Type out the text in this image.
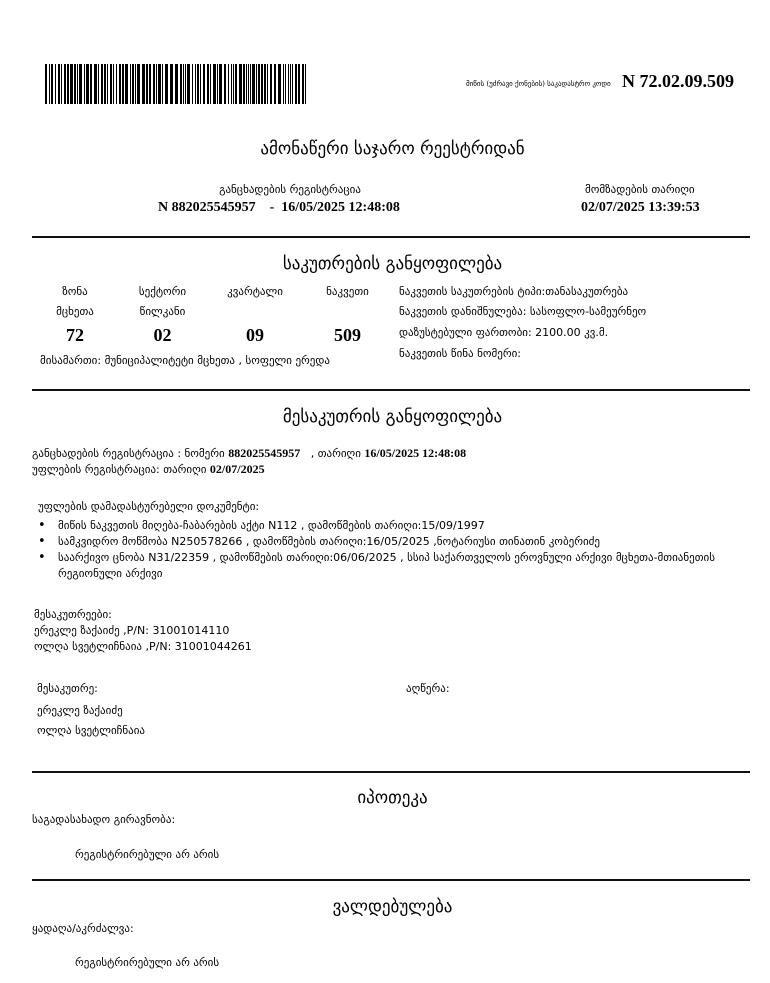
მიწის (უძრავი ქონების) საკადასტრო კოდი N 72.02.09.509
ამონაწერი საჯარო რეესტრიდან
განცხადების რეგისტრაცია
N 882025545957    -  16/05/2025 12:48:08
მომზადების თარიღი
02/07/2025 13:39:53
საკუთრების განყოფილება
ზონა
მცხეთა
72
სექტორი
წილკანი
02
კვარტალი
09
ნაკვეთი
509
მისამართი: მუნიციპალიტეტი მცხეთა , სოფელი ერედა
ნაკვეთის საკუთრების ტიპი:თანასაკუთრება
ნაკვეთის დანიშნულება: სასოფლო-სამეურნეო
დაზუსტებული ფართობი: 2100.00 კვ.მ.
ნაკვეთის წინა ნომერი:
მესაკუთრის განყოფილება
განცხადების რეგისტრაცია : ნომერი 882025545957 , თარიღი 16/05/2025 12:48:08
უფლების რეგისტრაცია: თარიღი 02/07/2025
უფლების დამადასტურებელი დოკუმენტი:
• მიწის ნაკვეთის მიღება-ჩაბარების აქტი N112 , დამოწმების თარიღი:15/09/1997
• სამკვიდრო მოწმობა N250578266 , დამოწმების თარიღი:16/05/2025 ,ნოტარიუსი თინათინ კობერიძე
• საარქივო ცნობა N31/22359 , დამოწმების თარიღი:06/06/2025 , სსიპ საქართველოს ეროვნული არქივი მცხეთა-მთიანეთის რეგიონული არქივი
მესაკუთრეები:
ერეკლე ზაქაიძე ,P/N: 31001014110
ოლღა სვეტლიჩნაია ,P/N: 31001044261
მესაკუთრე:	აღწერა:
ერეკლე ზაქაიძე
ოლღა სვეტლიჩნაია
იპოთეკა
საგადასახადო გირავნობა:
რეგისტრირებული არ არის
ვალდებულება
ყადაღა/აკრძალვა:
რეგისტრირებული არ არის
